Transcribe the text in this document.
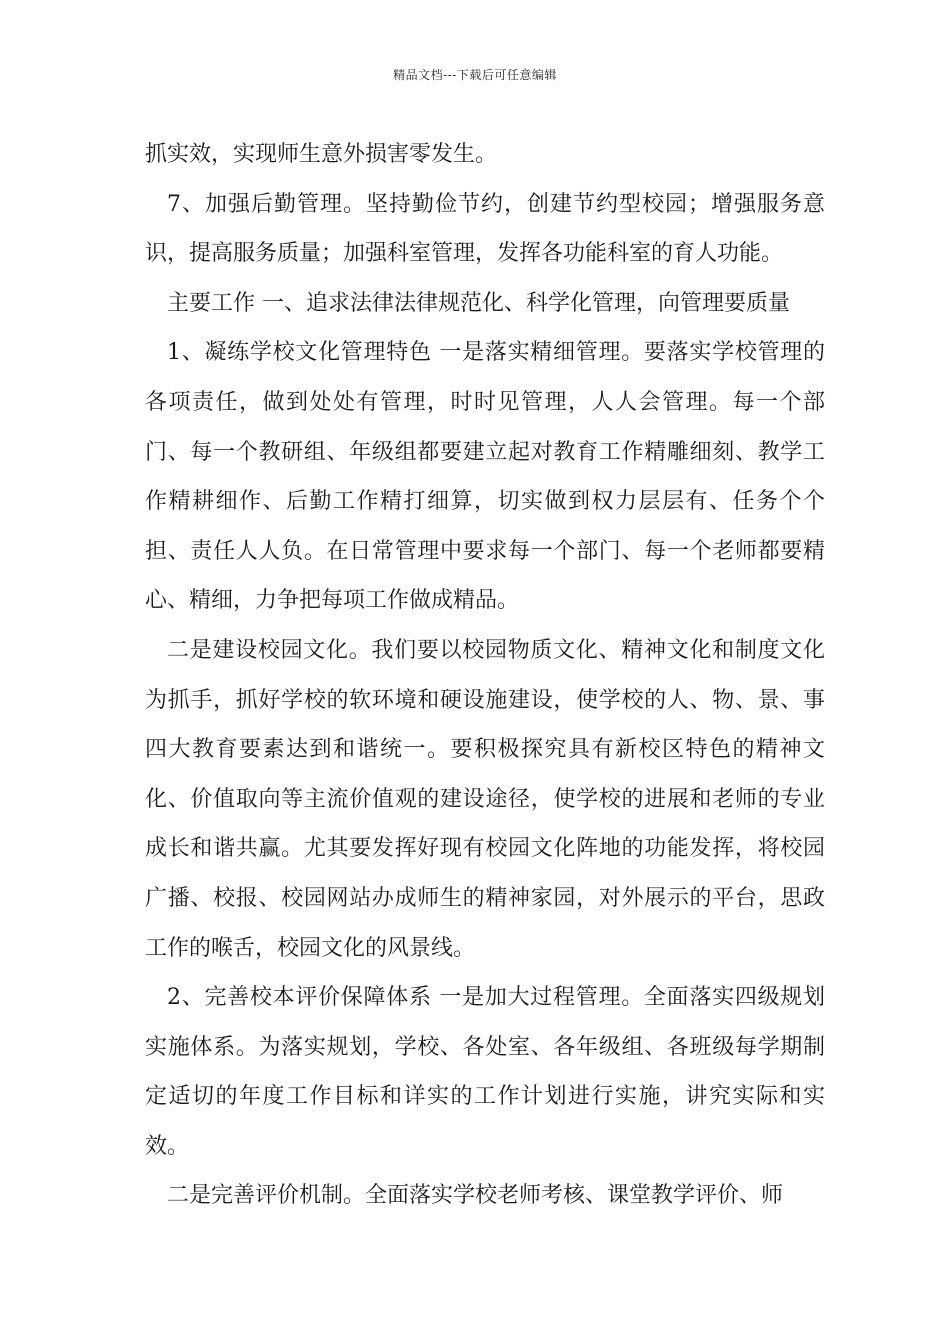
精品文档---下载后可任意编辑

抓实效，实现师生意外损害零发生。

7、加强后勤管理。坚持勤俭节约，创建节约型校园；增强服务意识，提高服务质量；加强科室管理，发挥各功能科室的育人功能。

主要工作 一、追求法律法律规范化、科学化管理，向管理要质量

1、凝练学校文化管理特色 一是落实精细管理。要落实学校管理的各项责任，做到处处有管理，时时见管理，人人会管理。每一个部门、每一个教研组、年级组都要建立起对教育工作精雕细刻、教学工作精耕细作、后勤工作精打细算，切实做到权力层层有、任务个个担、责任人人负。在日常管理中要求每一个部门、每一个老师都要精心、精细，力争把每项工作做成精品。

二是建设校园文化。我们要以校园物质文化、精神文化和制度文化为抓手，抓好学校的软环境和硬设施建设，使学校的人、物、景、事四大教育要素达到和谐统一。要积极探究具有新校区特色的精神文化、价值取向等主流价值观的建设途径，使学校的进展和老师的专业成长和谐共赢。尤其要发挥好现有校园文化阵地的功能发挥，将校园广播、校报、校园网站办成师生的精神家园，对外展示的平台，思政工作的喉舌，校园文化的风景线。

2、完善校本评价保障体系 一是加大过程管理。全面落实四级规划实施体系。为落实规划，学校、各处室、各年级组、各班级每学期制定适切的年度工作目标和详实的工作计划进行实施，讲究实际和实效。

二是完善评价机制。全面落实学校老师考核、课堂教学评价、师
